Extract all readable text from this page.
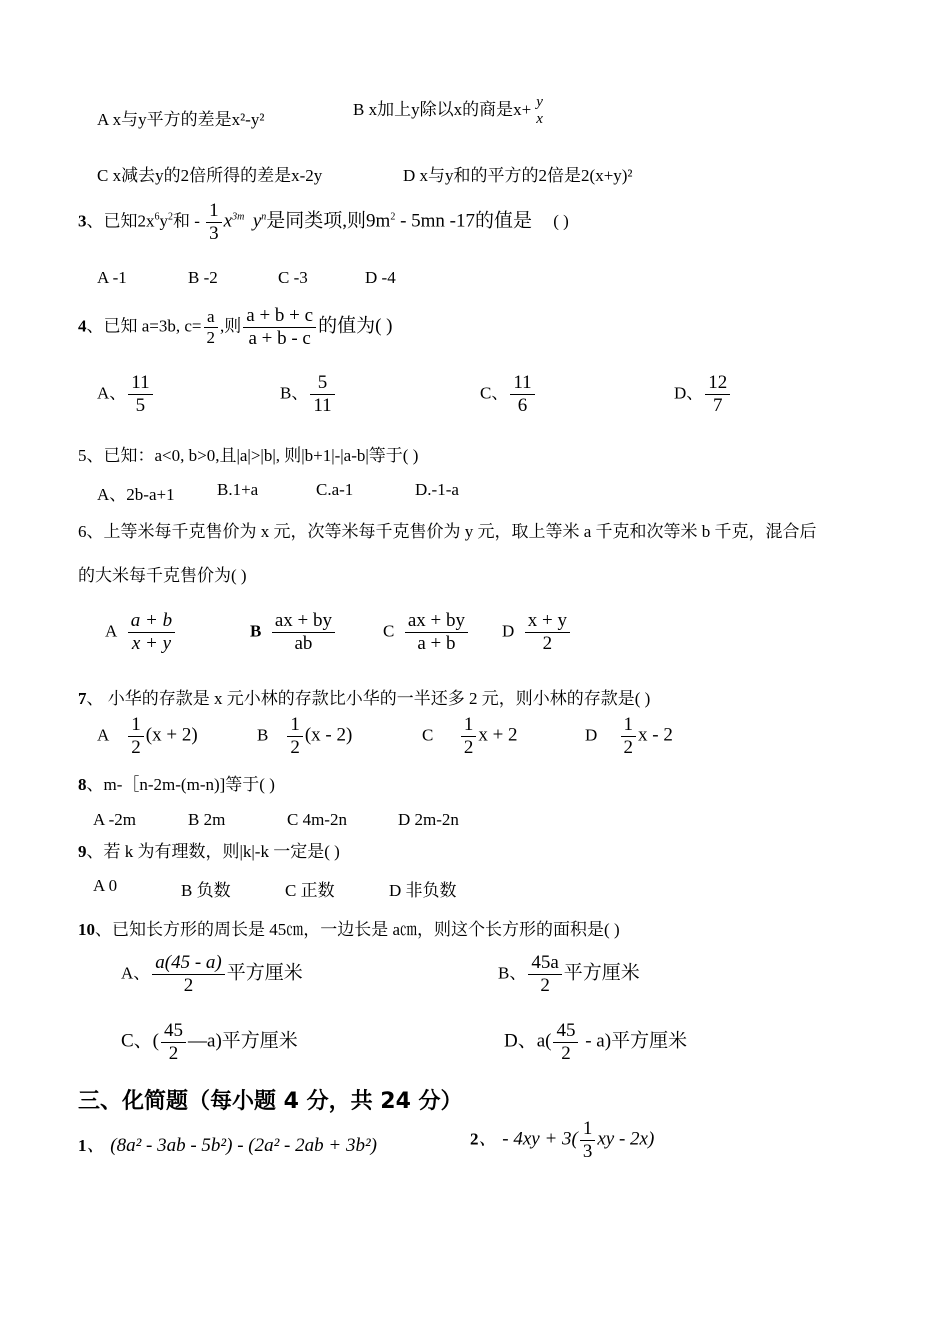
A x与y平方的差是x²-y²
B x加上y除以x的商是x+ y
x
C x减去y的2倍所得的差是x-2y	D x与y和的平方的2倍是2(x+y)²
3、已知$2x^6y^2$和 - $\frac{1}{3} x^{3m}$ $y^n$是同类项,则$9m^2 - 5mn$ -17的值是 ( )
A -1	B -2	C -3	D -4
4、已知 a=3b, $c= \frac{a}{2}$ ,则 $\frac{a + b + c}{a + b - c}$ 的值为( )
A、 $\frac{11}{5}$	B、 $\frac{5}{11}$	C、 $\frac{11}{6}$	D、 $\frac{12}{7}$
5、已知：a<0, b>0,且|a|>|b|, 则|b+1|-|a-b|等于( )
A、2b-a+1 B.1+a	C.a-1	D.-1-a
6、上等米每千克售价为 x 元，次等米每千克售价为 y 元，取上等米 a 千克和次等米 b 千克，混合后
的大米每千克售价为( )
A $\frac{a + b}{x + y}$	B $\frac{ax + by}{ab}$	C $\frac{ax + by}{a + b}$ D $\frac{x + y}{2}$
7、 小华的存款是 x 元小林的存款比小华的一半还多 2 元，则小林的存款是( )
A $\frac{1}{2} (x + 2)$	B $\frac{1}{2} (x - 2)$	C $\frac{1}{2}$ x + 2	D $\frac{1}{2}$ x - 2
8、m-［n-2m-(m-n)]等于( )
A -2m	B 2m	C 4m-2n	D 2m-2n
9、若 k 为有理数，则|k|-k 一定是( )
A 0	B 负数	C 正数	D 非负数
10、已知长方形的周长是 45㎝，一边长是 a㎝，则这个长方形的面积是( )
A、 $\frac{a(45 - a)}{2}$ 平方厘米	B、 $\frac{45a}{2}$ 平方厘米
C、( $\frac{45}{2}$ —a)平方厘米	D、$a( \frac{45}{2} - a)$平方厘米
三、化简题（每小题 4 分，共 24 分）
1、 (8a² - 3ab - 5b²) - (2a² - 2ab + 3b²)	2、 - $4xy + 3( \frac{1}{3}$ xy - 2x)
